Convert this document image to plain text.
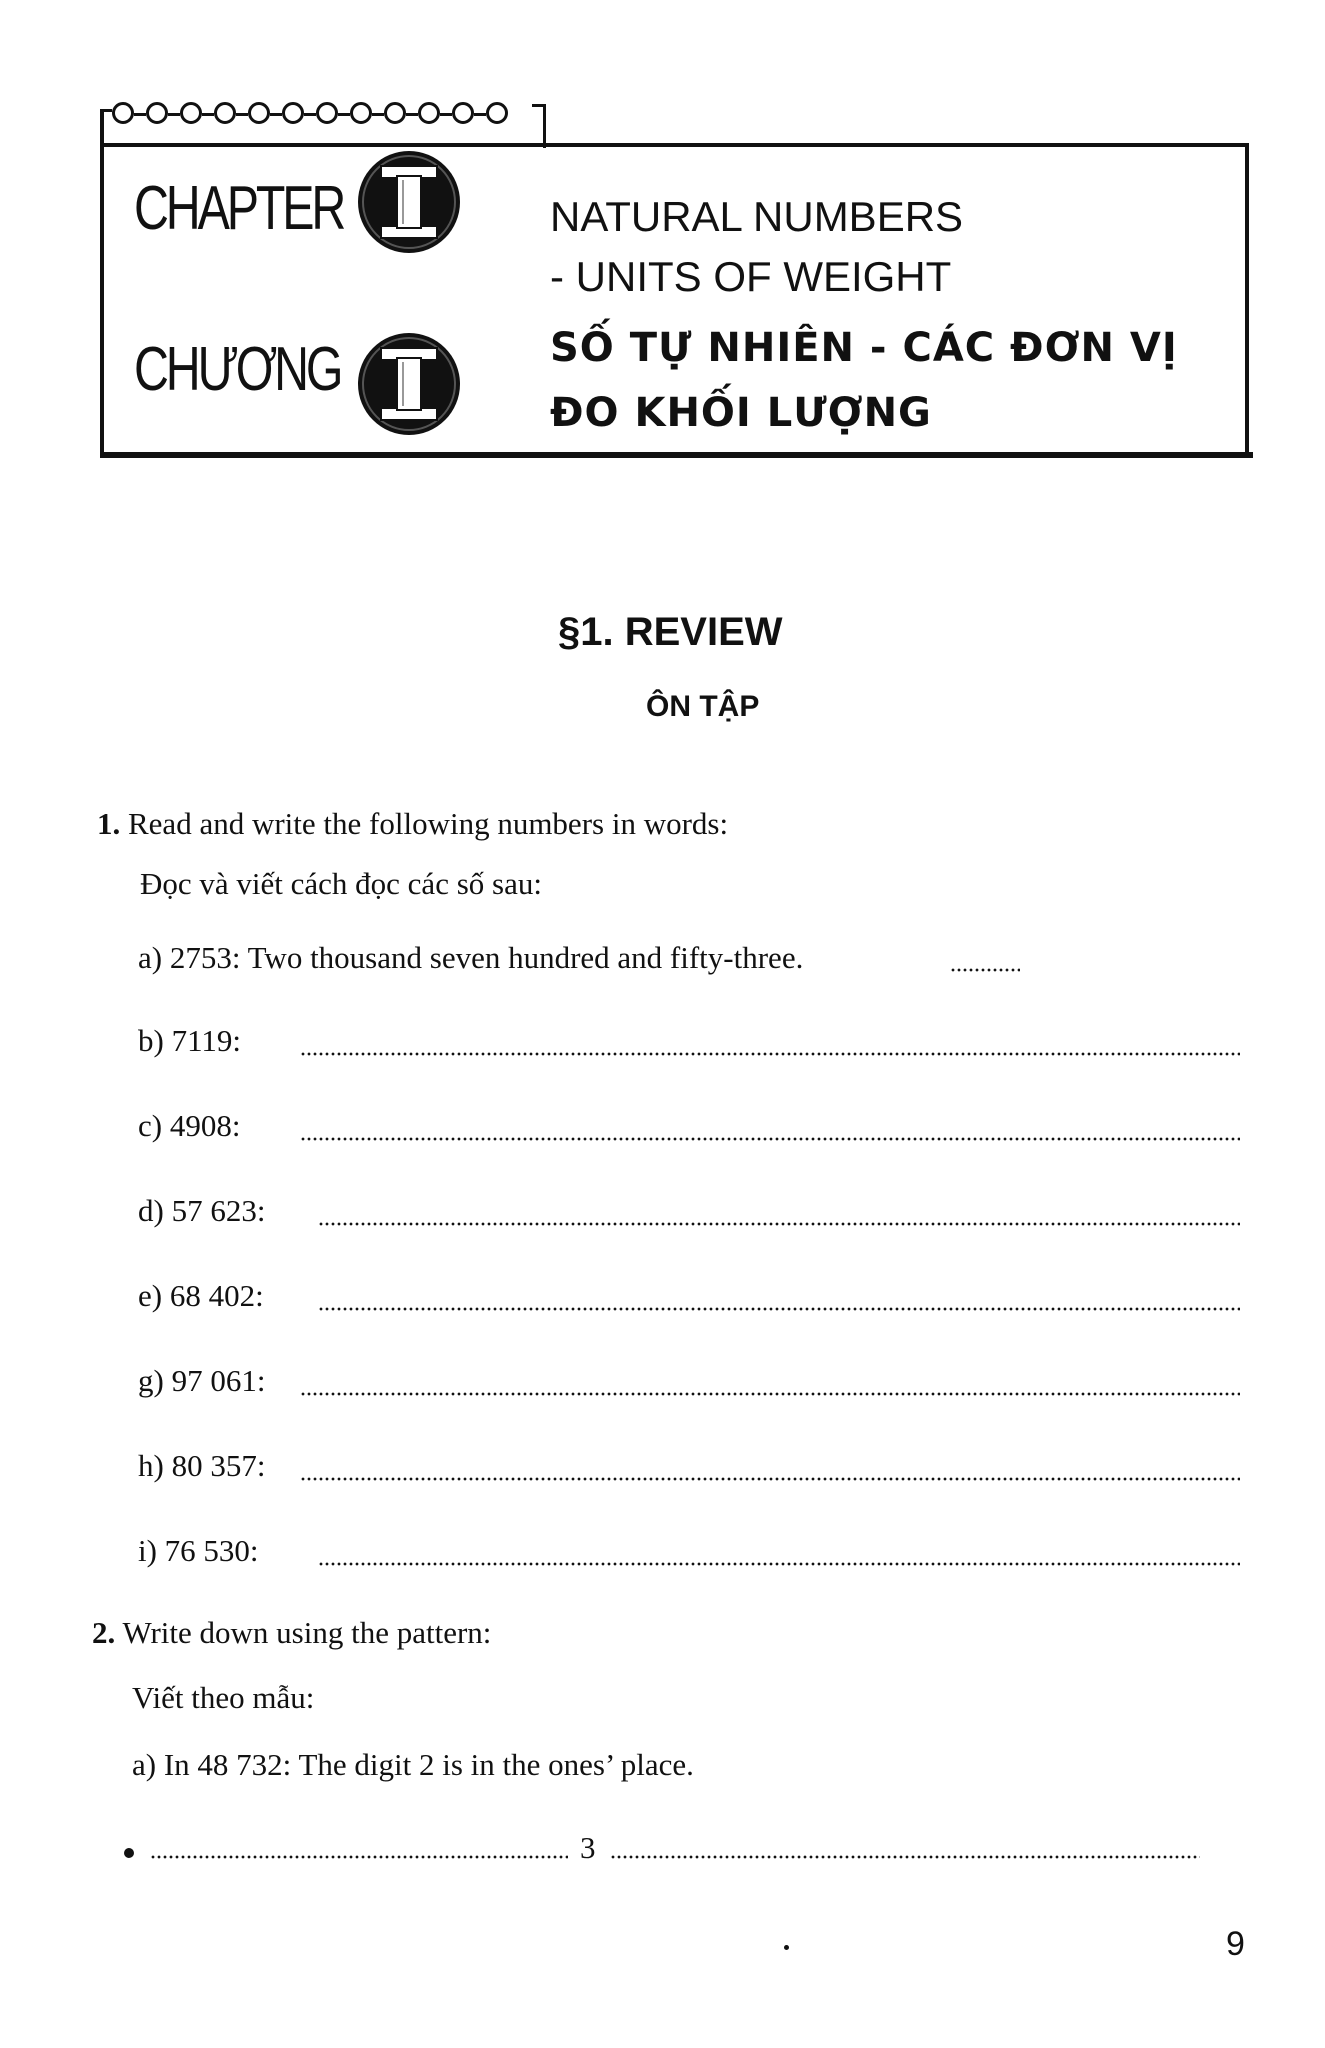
CHAPTER
CHƯƠNG
I
NATURAL NUMBERS
- UNITS OF WEIGHT
SỐ TỰ NHIÊN - CÁC ĐƠN VỊ
ĐO KHỐI LƯỢNG
§1. REVIEW
ÔN TẬP
1. Read and write the following numbers in words:
Đọc và viết cách đọc các số sau:
a) 2753: Two thousand seven hundred and fifty-three.
b) 7119:
c) 4908:
d) 57 623:
e) 68 402:
g) 97 061:
h) 80 357:
i) 76 530:
2. Write down using the pattern:
Viết theo mẫu:
a) In 48 732: The digit 2 is in the ones’ place.
3
9
